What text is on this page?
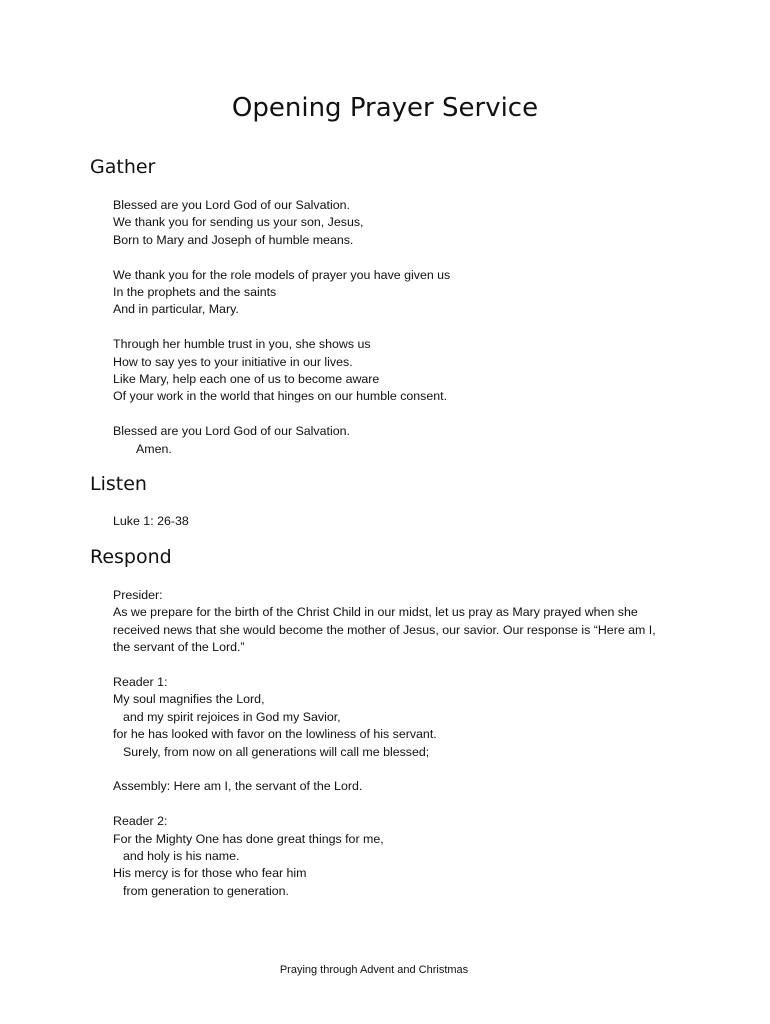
Opening Prayer Service
Gather
Blessed are you Lord God of our Salvation.
We thank you for sending us your son, Jesus,
Born to Mary and Joseph of humble means.
We thank you for the role models of prayer you have given us
In the prophets and the saints
And in particular, Mary.
Through her humble trust in you, she shows us
How to say yes to your initiative in our lives.
Like Mary, help each one of us to become aware
Of your work in the world that hinges on our humble consent.
Blessed are you Lord God of our Salvation.
Amen.
Listen
Luke 1: 26-38
Respond
Presider:
As we prepare for the birth of the Christ Child in our midst, let us pray as Mary prayed when she received news that she would become the mother of Jesus, our savior. Our response is “Here am I, the servant of the Lord.”
Reader 1:
My soul magnifies the Lord,
and my spirit rejoices in God my Savior,
for he has looked with favor on the lowliness of his servant.
Surely, from now on all generations will call me blessed;
Assembly: Here am I, the servant of the Lord.
Reader 2:
For the Mighty One has done great things for me,
and holy is his name.
His mercy is for those who fear him
from generation to generation.
Praying through Advent and Christmas
